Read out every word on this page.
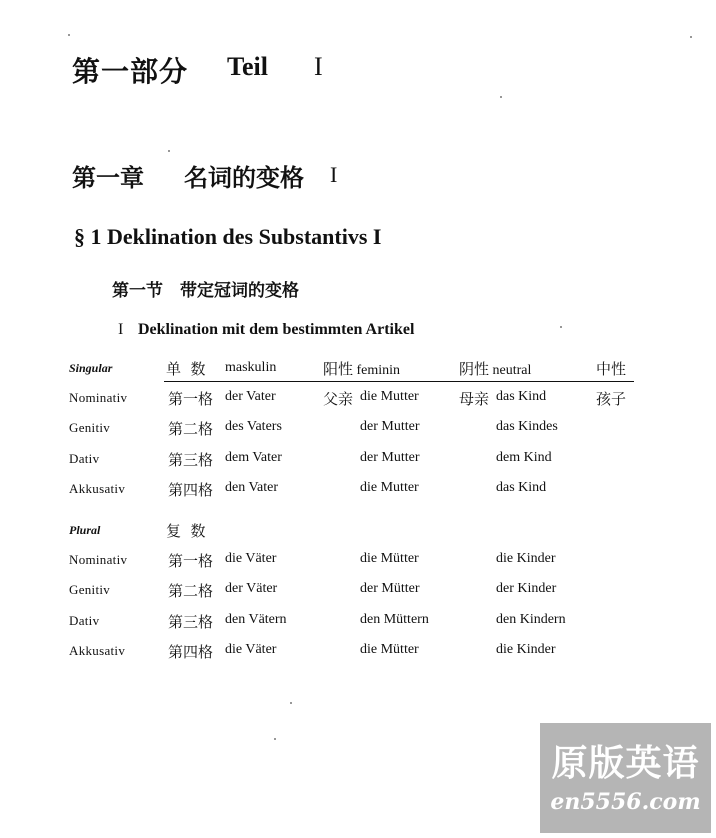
第一部分 Teil I
第一章 名词的变格 I
§ 1 Deklination des Substantivs I
第一节 带定冠词的变格
I Deklination mit dem bestimmten Artikel
Singular	单  数 maskulin	阳性 feminin	阴性 neutral	中性
Nominativ	第一格 der Vater	父亲 die Mutter	母亲 das Kind	孩子
Genitiv	第二格 des Vaters	der Mutter	das Kindes
Dativ	第三格 dem Vater	der Mutter	dem Kind
Akkusativ	第四格 den Vater	die Mutter	das Kind
Plural	复  数
Nominativ	第一格 die Väter	die Mütter	die Kinder
Genitiv	第二格 der Väter	der Mütter	der Kinder
Dativ	第三格 den Vätern	den Müttern	den Kindern
Akkusativ	第四格 die Väter	die Mütter	die Kinder
原版英语
en5556.com
